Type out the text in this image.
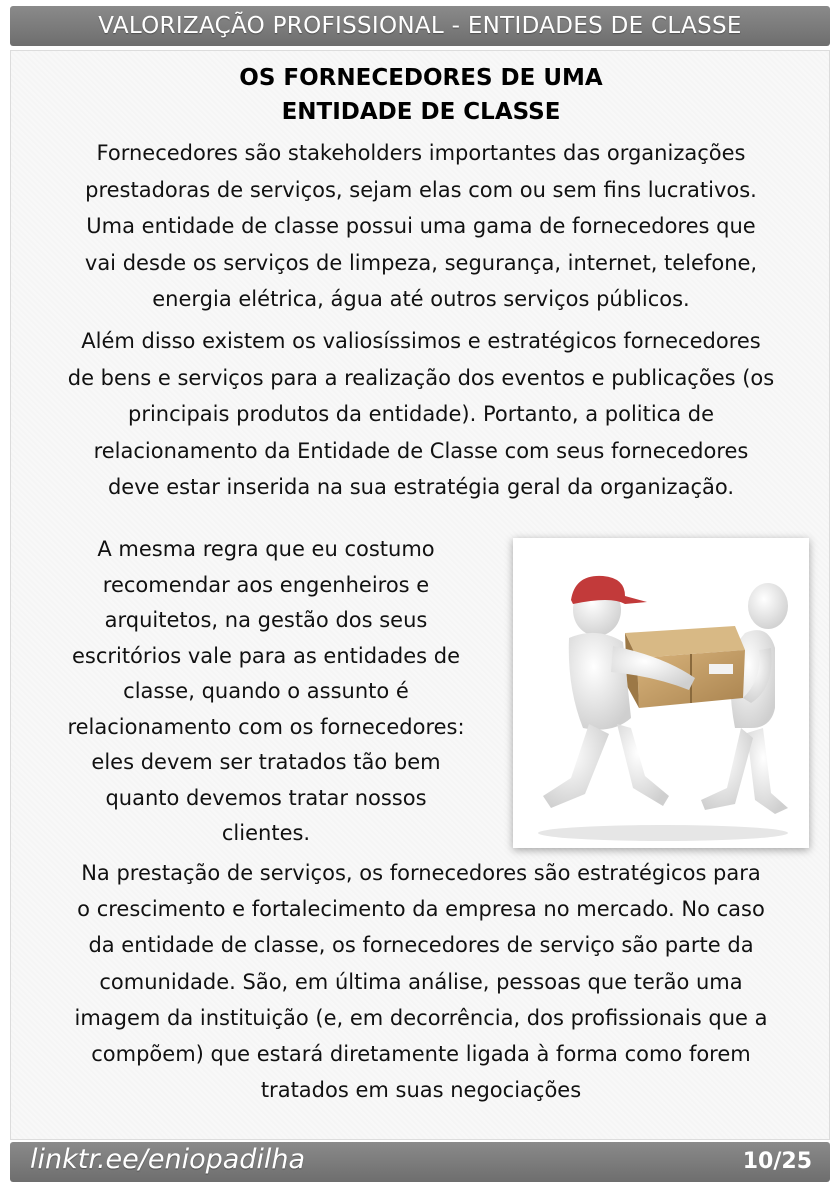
VALORIZAÇÃO PROFISSIONAL - ENTIDADES DE CLASSE
OS FORNECEDORES DE UMA
ENTIDADE DE CLASSE
Fornecedores são stakeholders importantes das organizações
prestadoras de serviços, sejam elas com ou sem fins lucrativos.
Uma entidade de classe possui uma gama de fornecedores que
vai desde os serviços de limpeza, segurança, internet, telefone,
energia elétrica, água até outros serviços públicos.
Além disso existem os valiosíssimos e estratégicos fornecedores
de bens e serviços para a realização dos eventos e publicações (os
principais produtos da entidade). Portanto, a politica de
relacionamento da Entidade de Classe com seus fornecedores
deve estar inserida na sua estratégia geral da organização.
A mesma regra que eu costumo
recomendar aos engenheiros e
arquitetos, na gestão dos seus
escritórios vale para as entidades de
classe, quando o assunto é
relacionamento com os fornecedores:
eles devem ser tratados tão bem
quanto devemos tratar nossos
clientes.
Na prestação de serviços, os fornecedores são estratégicos para
o crescimento e fortalecimento da empresa no mercado. No caso
da entidade de classe, os fornecedores de serviço são parte da
comunidade. São, em última análise, pessoas que terão uma
imagem da instituição (e, em decorrência, dos profissionais que a
compõem) que estará diretamente ligada à forma como forem
tratados em suas negociações
linktr.ee/eniopadilha	10/25
